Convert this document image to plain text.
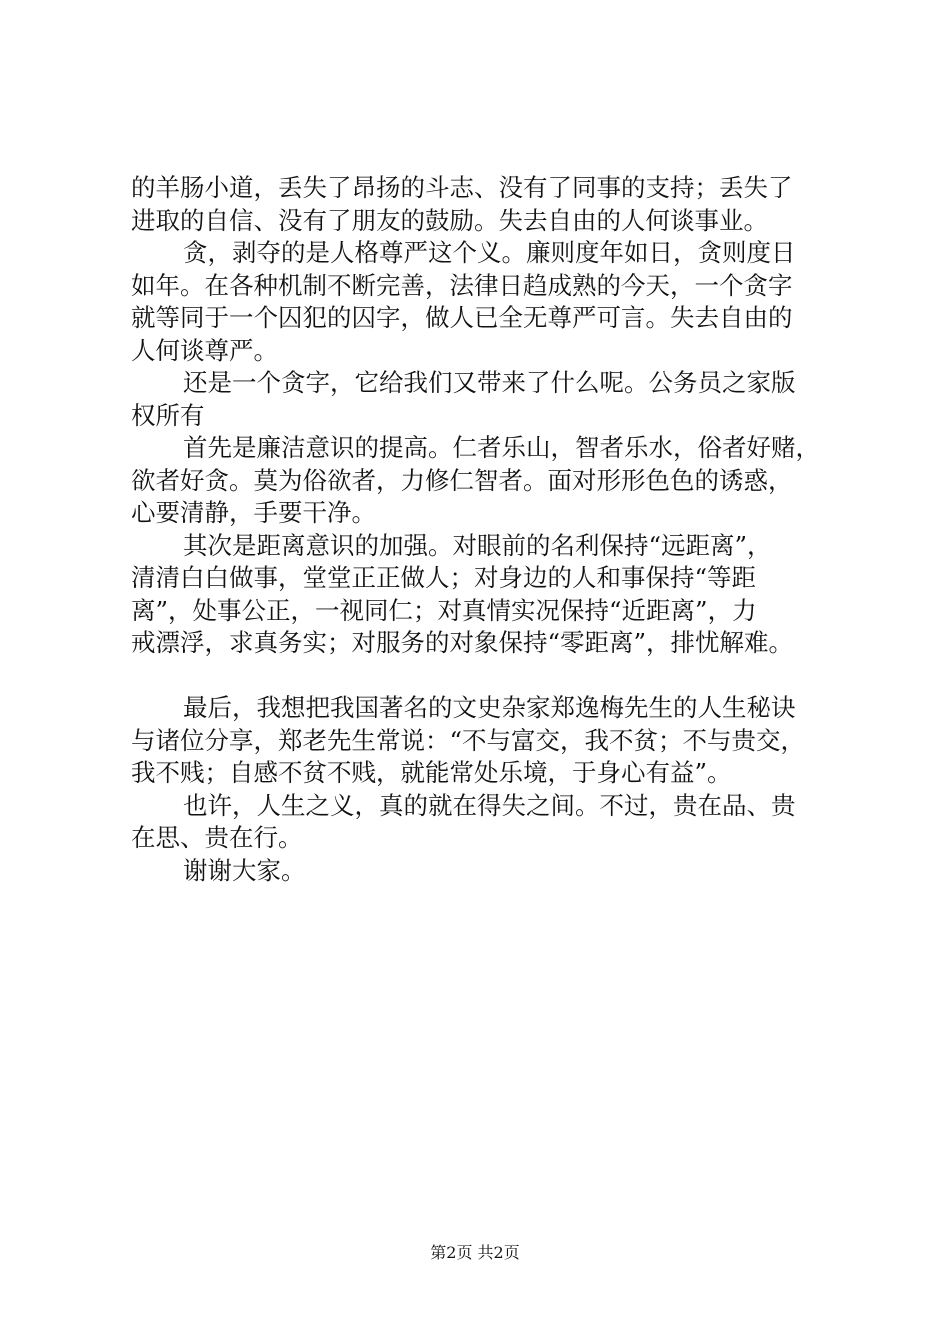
的羊肠小道，丢失了昂扬的斗志、没有了同事的支持；丢失了
进取的自信、没有了朋友的鼓励。失去自由的人何谈事业。
贪，剥夺的是人格尊严这个义。廉则度年如日，贪则度日
如年。在各种机制不断完善，法律日趋成熟的今天，一个贪字
就等同于一个囚犯的囚字，做人已全无尊严可言。失去自由的
人何谈尊严。
还是一个贪字，它给我们又带来了什么呢。公务员之家版
权所有
首先是廉洁意识的提高。仁者乐山，智者乐水，俗者好赌，
欲者好贪。莫为俗欲者，力修仁智者。面对形形色色的诱惑，
心要清静，手要干净。
其次是距离意识的加强。对眼前的名利保持“远距离”，
清清白白做事，堂堂正正做人；对身边的人和事保持“等距
离”，处事公正，一视同仁；对真情实况保持“近距离”，力
戒漂浮，求真务实；对服务的对象保持“零距离”，排忧解难。
最后，我想把我国著名的文史杂家郑逸梅先生的人生秘诀
与诸位分享，郑老先生常说：“不与富交，我不贫；不与贵交，
我不贱；自感不贫不贱，就能常处乐境，于身心有益”。
也许，人生之义，真的就在得失之间。不过，贵在品、贵
在思、贵在行。
谢谢大家。
第2页 共2页
